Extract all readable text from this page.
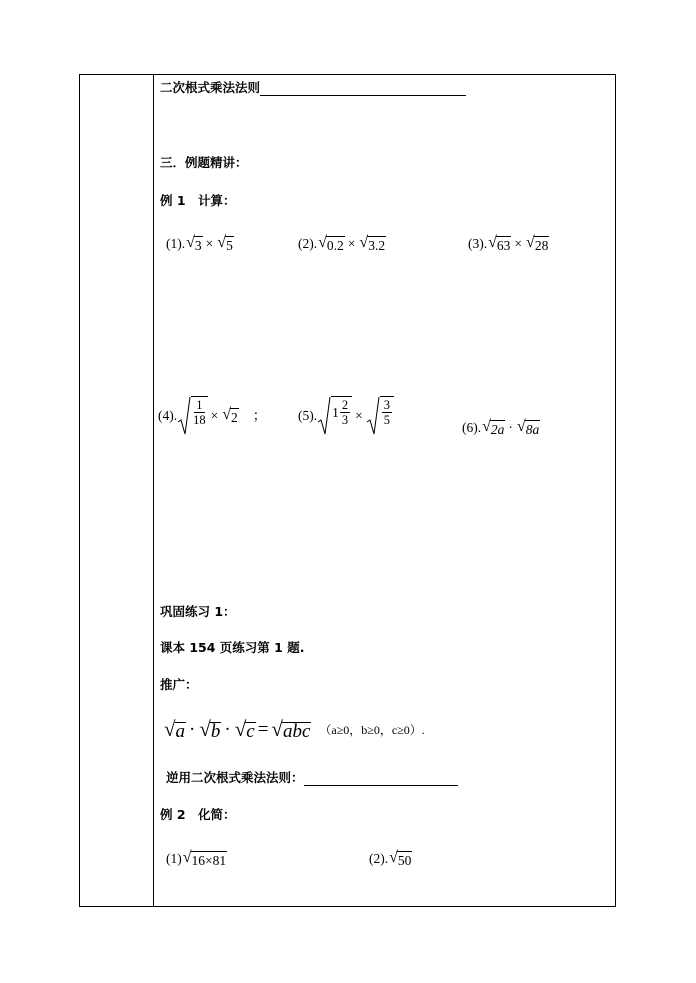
二次根式乘法法则
三．例题精讲：
例 1　计算：
(1). √ 3 × √ 5	(2). √ 0.2 × √ 3.2	(3). √ 63 × √ 28
(4). $\frac{1}{18}$ × √ 2 ； (5). $1 \frac{2}{3} \times \frac{3}{5}$
(6). √ 2a · √ 8a
巩固练习 1：
课本 154 页练习第 1 题.
推广：
√ a · √ b · √ c = √ abc （a≥0，b≥0，c≥0）.
逆用二次根式乘法法则：
例 2　化简：
(1) √ 16×81	(2). √ 50
